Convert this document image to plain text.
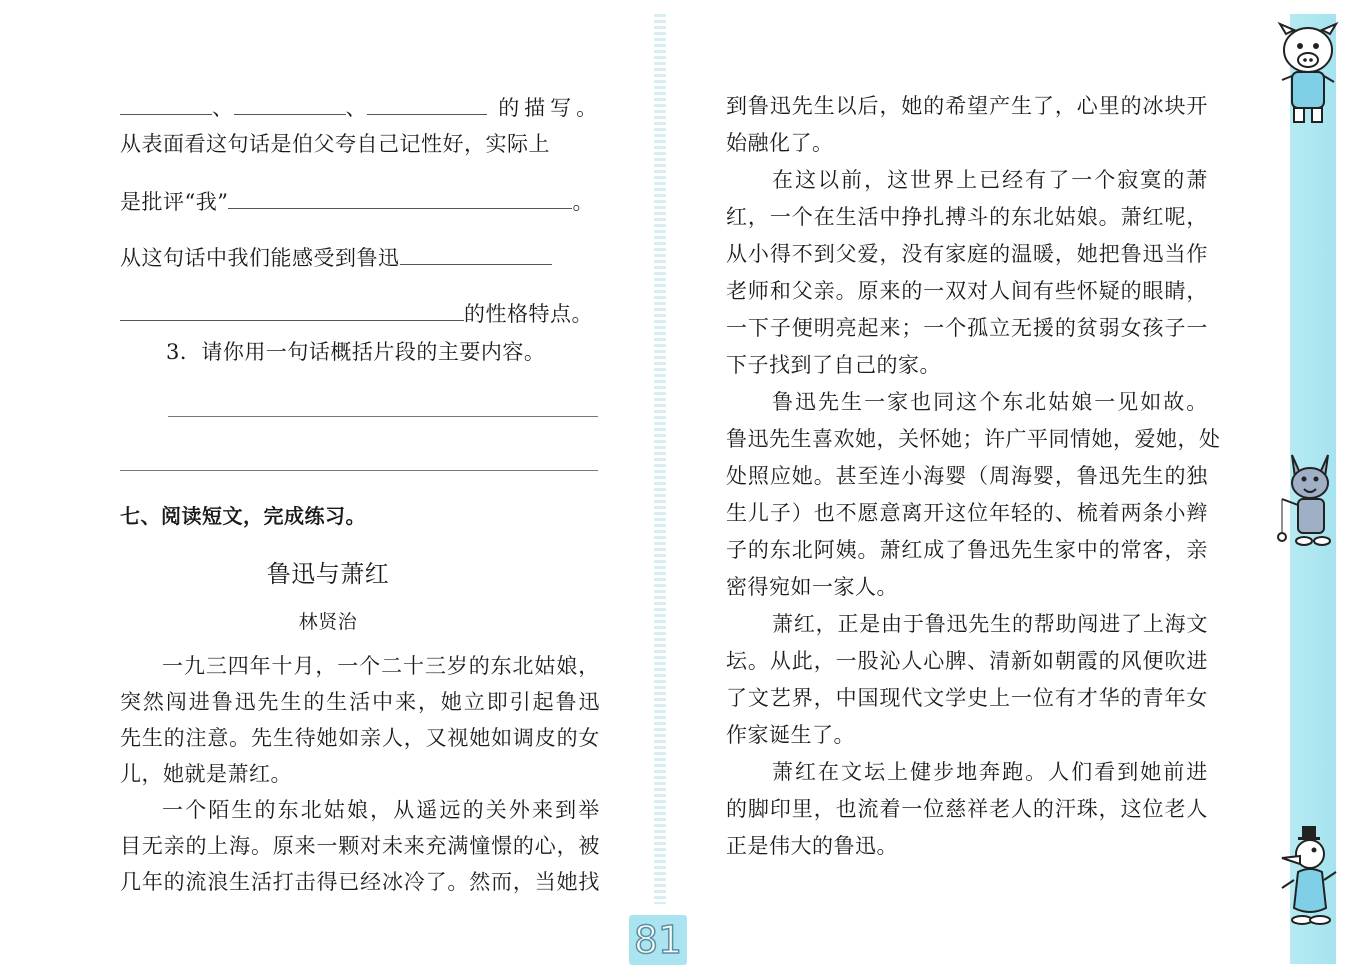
、	、	的描写。
从表面看这句话是伯父夸自己记性好，实际上
是批评“我”	。
从这句话中我们能感受到鲁迅
的性格特点。
3．请你用一句话概括片段的主要内容。
七、阅读短文，完成练习。
鲁迅与萧红
林贤治
一 九 三 四 年 十 月 ， 一 个 二 十 三 岁 的 东 北 姑 娘 ，
突 然 闯 进 鲁 迅 先 生 的 生 活 中 来 ， 她 立 即 引 起 鲁 迅
先 生 的 注 意 。 先 生 待 她 如 亲 人 ， 又 视 她 如 调 皮 的 女
儿，她就是萧红。
一 个 陌 生 的 东 北 姑 娘 ， 从 遥 远 的 关 外 来 到 举
目 无 亲 的 上 海 。 原 来 一 颗 对 未 来 充 满 憧 憬 的 心 ， 被
几 年 的 流 浪 生 活 打 击 得 已 经 冰 冷 了 。 然 而 ， 当 她 找
到 鲁 迅 先 生 以 后 ， 她 的 希 望 产 生 了 ， 心 里 的 冰 块 开
始融化了。
在 这 以 前 ， 这 世 界 上 已 经 有 了 一 个 寂 寞 的 萧
红 ， 一 个 在 生 活 中 挣 扎 搏 斗 的 东 北 姑 娘 。 萧 红 呢 ，
从 小 得 不 到 父 爱 ， 没 有 家 庭 的 温 暖 ， 她 把 鲁 迅 当 作
老 师 和 父 亲 。 原 来 的 一 双 对 人 间 有 些 怀 疑 的 眼 睛 ，
一 下 子 便 明 亮 起 来 ； 一 个 孤 立 无 援 的 贫 弱 女 孩 子 一
下子找到了自己的家。
鲁 迅 先 生 一 家 也 同 这 个 东 北 姑 娘 一 见 如 故 。
鲁 迅 先 生 喜 欢 她 ， 关 怀 她 ； 许 广 平 同 情 她 ， 爱 她 ， 处
处 照 应 她 。 甚 至 连 小 海 婴 （ 周 海 婴 ， 鲁 迅 先 生 的 独
生 儿 子 ） 也 不 愿 意 离 开 这 位 年 轻 的 、 梳 着 两 条 小 辫
子 的 东 北 阿 姨 。 萧 红 成 了 鲁 迅 先 生 家 中 的 常 客 ， 亲
密得宛如一家人。
萧 红 ， 正 是 由 于 鲁 迅 先 生 的 帮 助 闯 进 了 上 海 文
坛 。 从 此 ， 一 股 沁 人 心 脾 、 清 新 如 朝 霞 的 风 便 吹 进
了 文 艺 界 ， 中 国 现 代 文 学 史 上 一 位 有 才 华 的 青 年 女
作家诞生了。
萧 红 在 文 坛 上 健 步 地 奔 跑 。 人 们 看 到 她 前 进
的 脚 印 里 ， 也 流 着 一 位 慈 祥 老 人 的 汗 珠 ， 这 位 老 人
正是伟大的鲁迅。
81
